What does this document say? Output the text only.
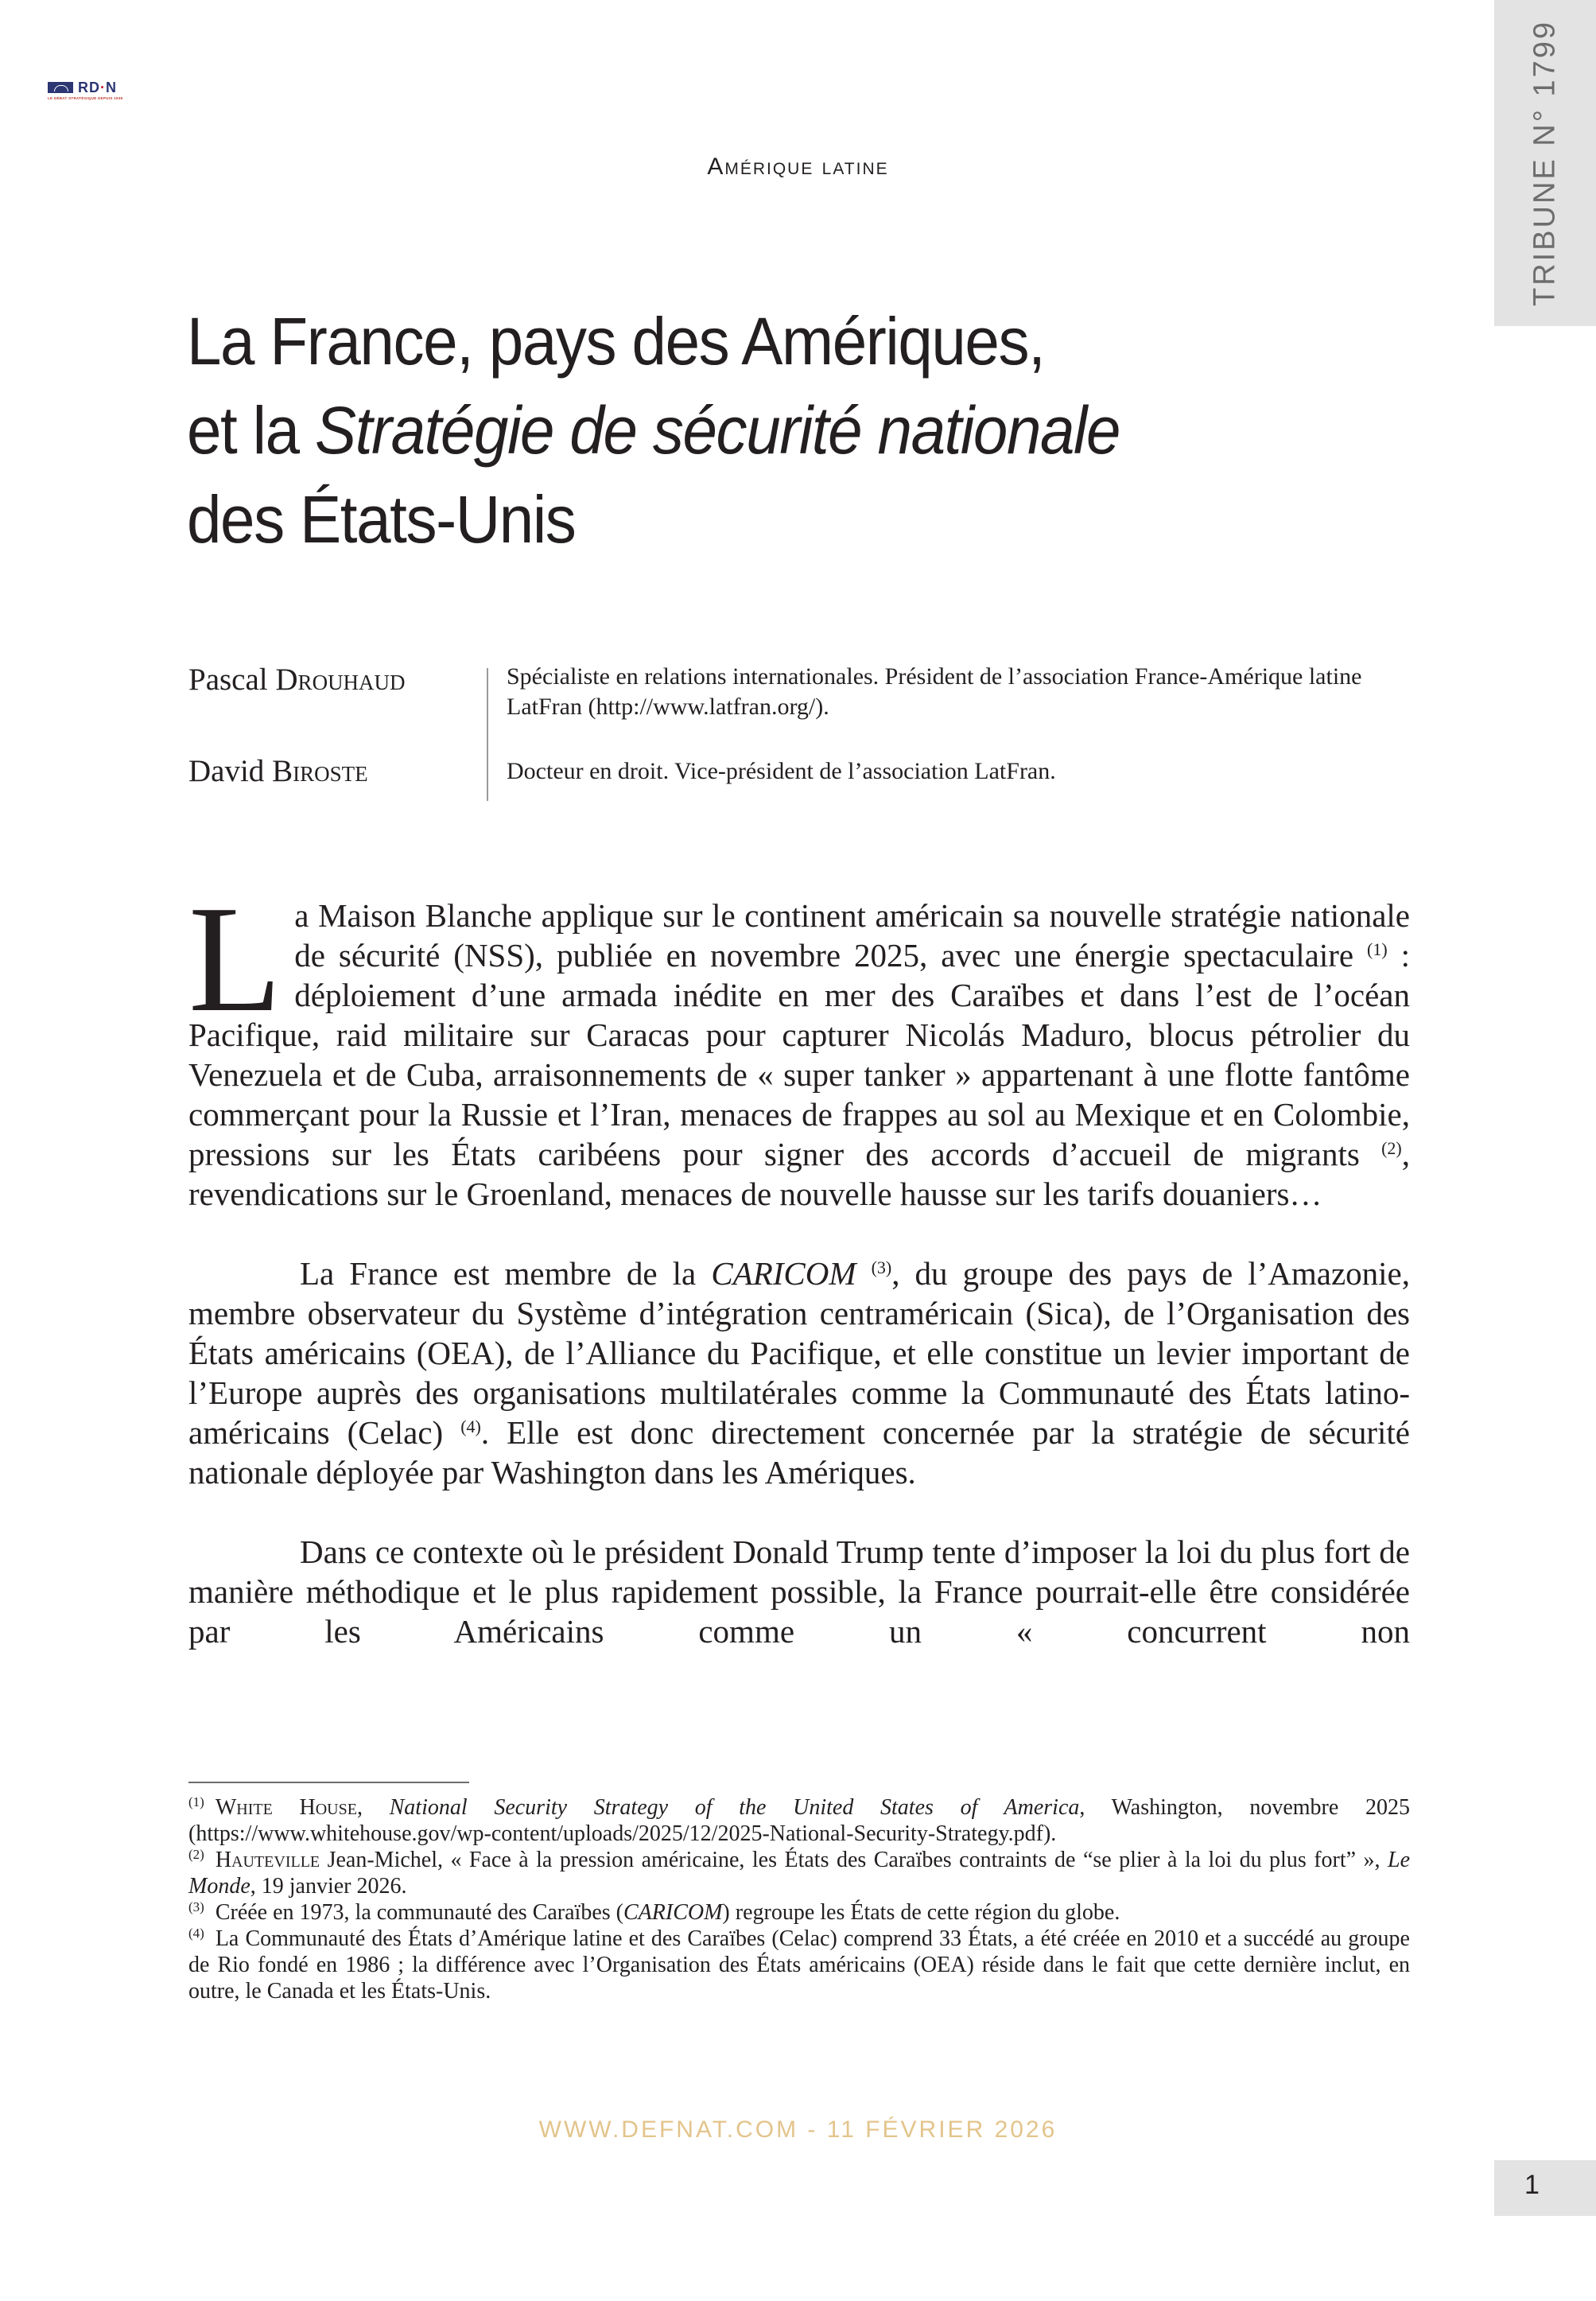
RD·N
LE DÉBAT STRATÉGIQUE DEPUIS 1939	TRIBUNE N° 1799
Amérique latine
La France, pays des Amériques,
et la Stratégie de sécurité nationale
des États-Unis
Pascal Drouhaud	Spécialiste en relations internationales. Président de l’association France-Amérique latine LatFran (http://www.latfran.org/).
David Biroste	Docteur en droit. Vice-président de l’association LatFran.

La Maison Blanche applique sur le continent américain sa nouvelle stratégie nationale de sécurité (NSS), publiée en novembre 2025, avec une énergie spectaculaire $^{(1)}$ : déploiement d’une armada inédite en mer des Caraïbes et dans l’est de l’océan Pacifique, raid militaire sur Caracas pour capturer Nicolás Maduro, blocus pétrolier du Venezuela et de Cuba, arraisonnements de « super tanker » appartenant à une flotte fantôme commerçant pour la Russie et l’Iran, menaces de frappes au sol au Mexique et en Colombie, pressions sur les États caribéens pour signer des accords d’accueil de migrants $^{(2)}$, revendications sur le Groenland, menaces de nouvelle hausse sur les tarifs douaniers…

La France est membre de la CARICOM $^{(3)}$, du groupe des pays de l’Amazonie, membre observateur du Système d’intégration centraméricain (Sica), de l’Organisation des États américains (OEA), de l’Alliance du Pacifique, et elle constitue un levier important de l’Europe auprès des organisations multilatérales comme la Communauté des États latino-américains (Celac) $^{(4)}$. Elle est donc directement concernée par la stratégie de sécurité nationale déployée par Washington dans les Amériques.

Dans ce contexte où le président Donald Trump tente d’imposer la loi du plus fort de manière méthodique et le plus rapidement possible, la France pourrait-elle être considérée par les Américains comme un « concurrent non

$^{(1)}$ White House, National Security Strategy of the United States of America, Washington, novembre 2025 (https://www.whitehouse.gov/wp-content/uploads/2025/12/2025-National-Security-Strategy.pdf).

$^{(2)}$ Hauteville Jean-Michel, « Face à la pression américaine, les États des Caraïbes contraints de “se plier à la loi du plus fort” », Le Monde, 19 janvier 2026.

$^{(3)}$ Créée en 1973, la communauté des Caraïbes (CARICOM) regroupe les États de cette région du globe.

$^{(4)}$ La Communauté des États d’Amérique latine et des Caraïbes (Celac) comprend 33 États, a été créée en 2010 et a succédé au groupe de Rio fondé en 1986 ; la différence avec l’Organisation des États américains (OEA) réside dans le fait que cette dernière inclut, en outre, le Canada et les États-Unis.

WWW.DEFNAT.COM - 11 FÉVRIER 2026
1
